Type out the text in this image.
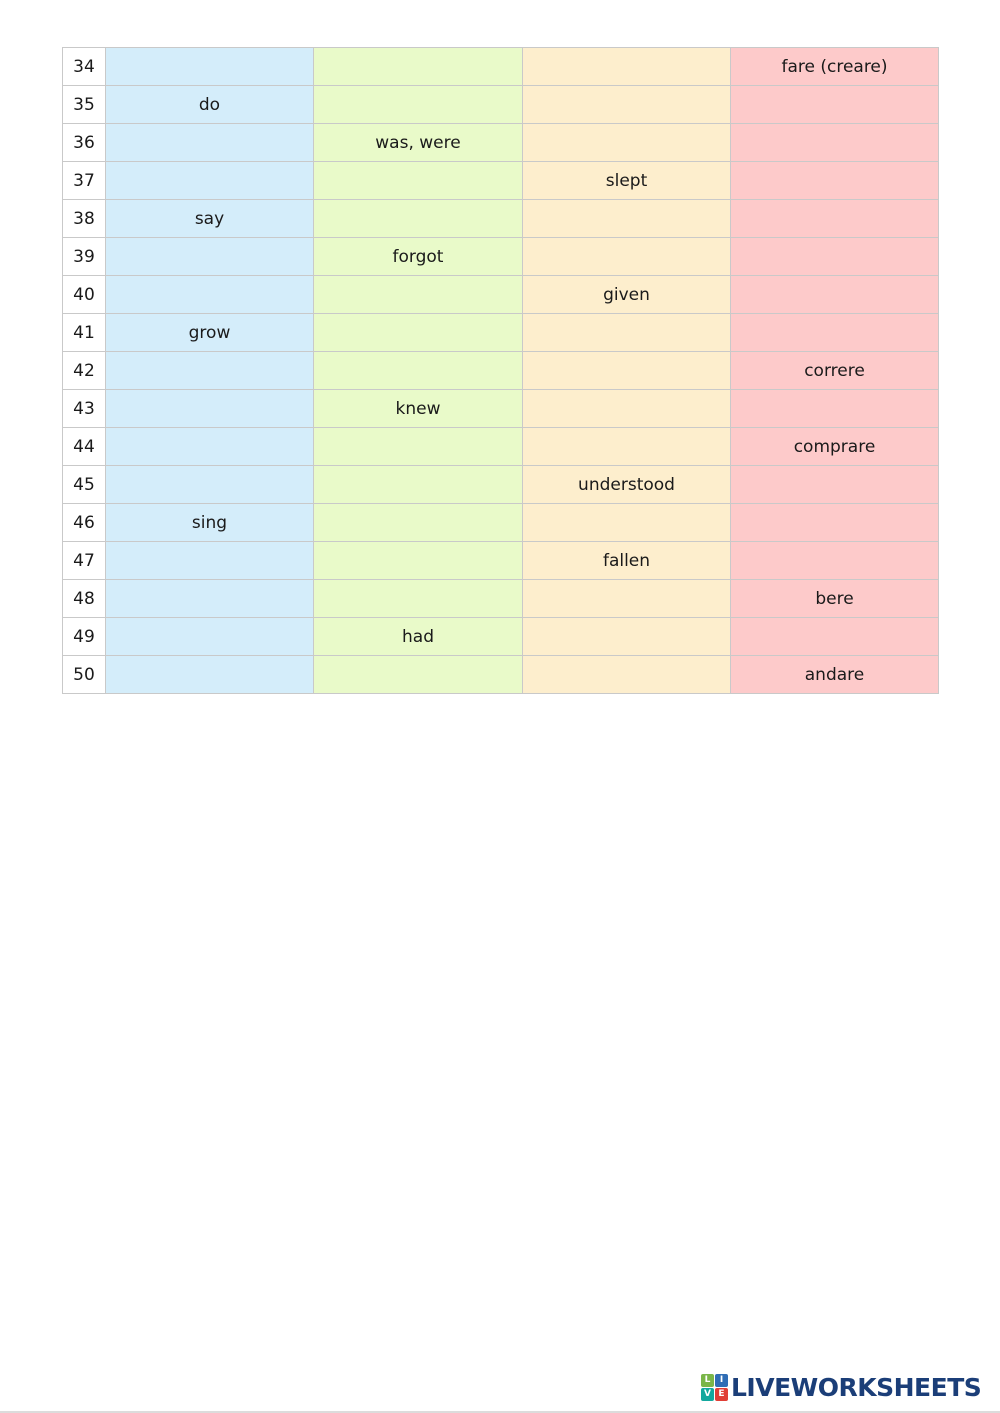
34				fare (creare)
35	do			
36		was, were		
37			slept	
38	say			
39		forgot		
40			given	
41	grow			
42				correre
43		knew		
44				comprare
45			understood	
46	sing			
47			fallen	
48				bere
49		had		
50				andare
L	I
V E LIVEWORKSHEETS
